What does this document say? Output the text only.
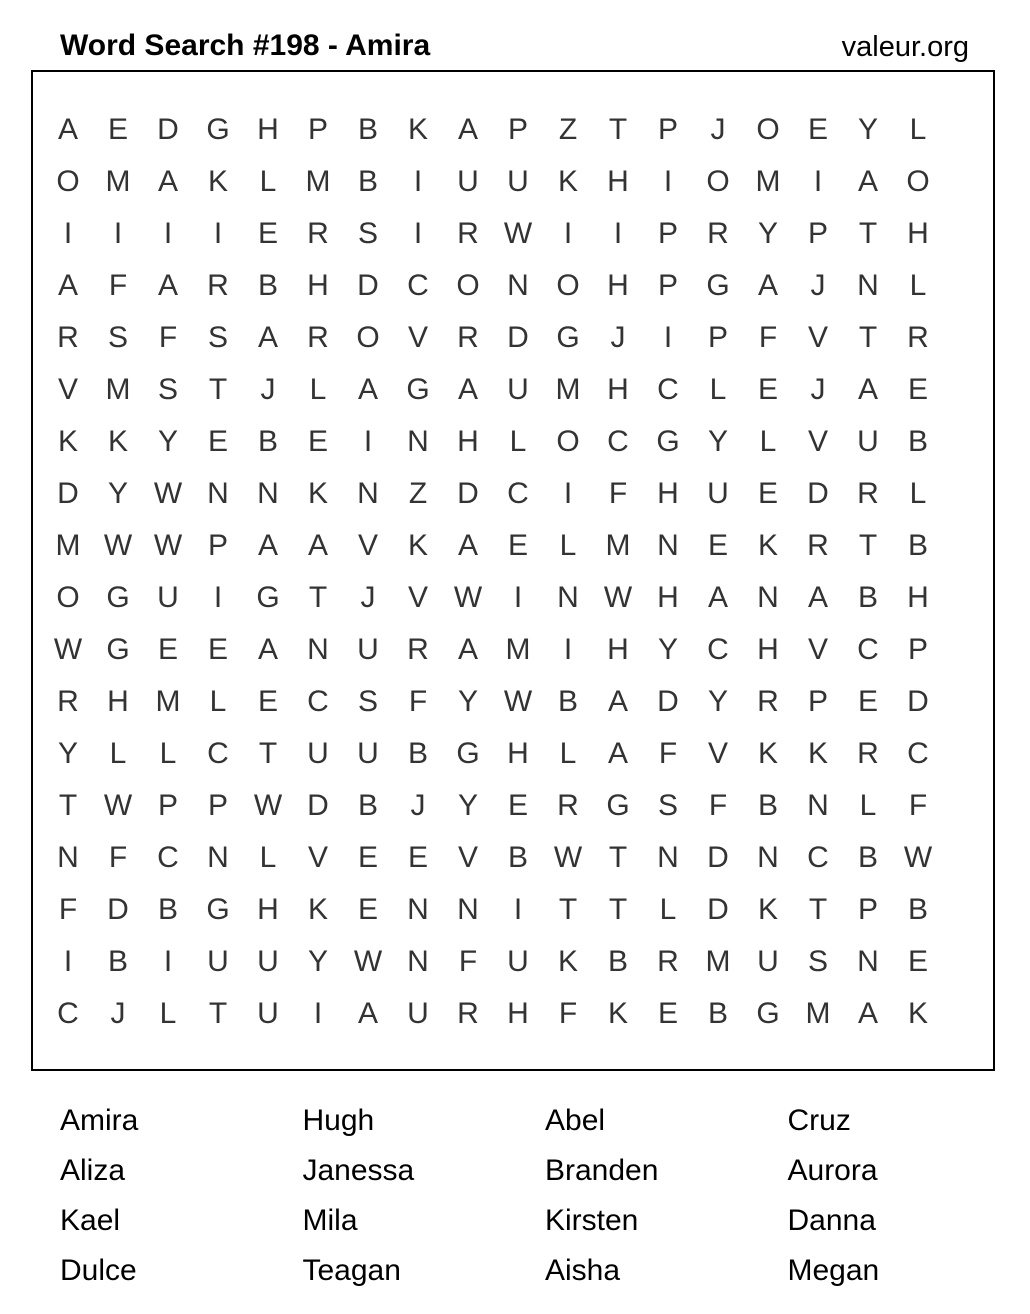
Word Search #198 - Amira	valeur.org
A E D G H P B K A P	Z	T	P	J	O E Y	L
O M A K	L M B	I	U U K H	I	O M	I	A O
I	I	I	I	E R S	I	R W	I	I	P R Y P	T	H
A	F	A R B H D C O N O H P G A	J	N	L
R S	F	S A R O V R D G	J	I	P	F	V	T	R
V M S	T	J	L	A G A U M H C	L	E	J	A E
K K Y E B E	I	N H	L O C G Y	L	V U B
D Y W N N K N	Z	D C	I	F	H U E D R	L
M W W P A A V K A E	L M N E K R	T	B
O G U	I	G T	J	V W	I	N W H A N A B H
W G E E A N U R A M	I	H Y C H V C P
R H M L	E C S	F	Y W B A D Y R P E D
Y	L	L	C	T	U U B G H	L	A	F	V K K R C
T W P P W D B	J	Y E R G S	F	B N	L	F
N	F	C N	L	V E E V B W T	N D N C B W
F	D B G H K E N N	I	T	T	L	D K	T	P B
I	B	I	U U Y W N	F	U K B R M U S N E
C	J	L	T	U	I	A U R H	F	K E B G M A K
Amira	Hugh	Abel	Cruz
Aliza	Janessa	Branden	Aurora
Kael	Mila	Kirsten	Danna
Dulce	Teagan	Aisha	Megan
